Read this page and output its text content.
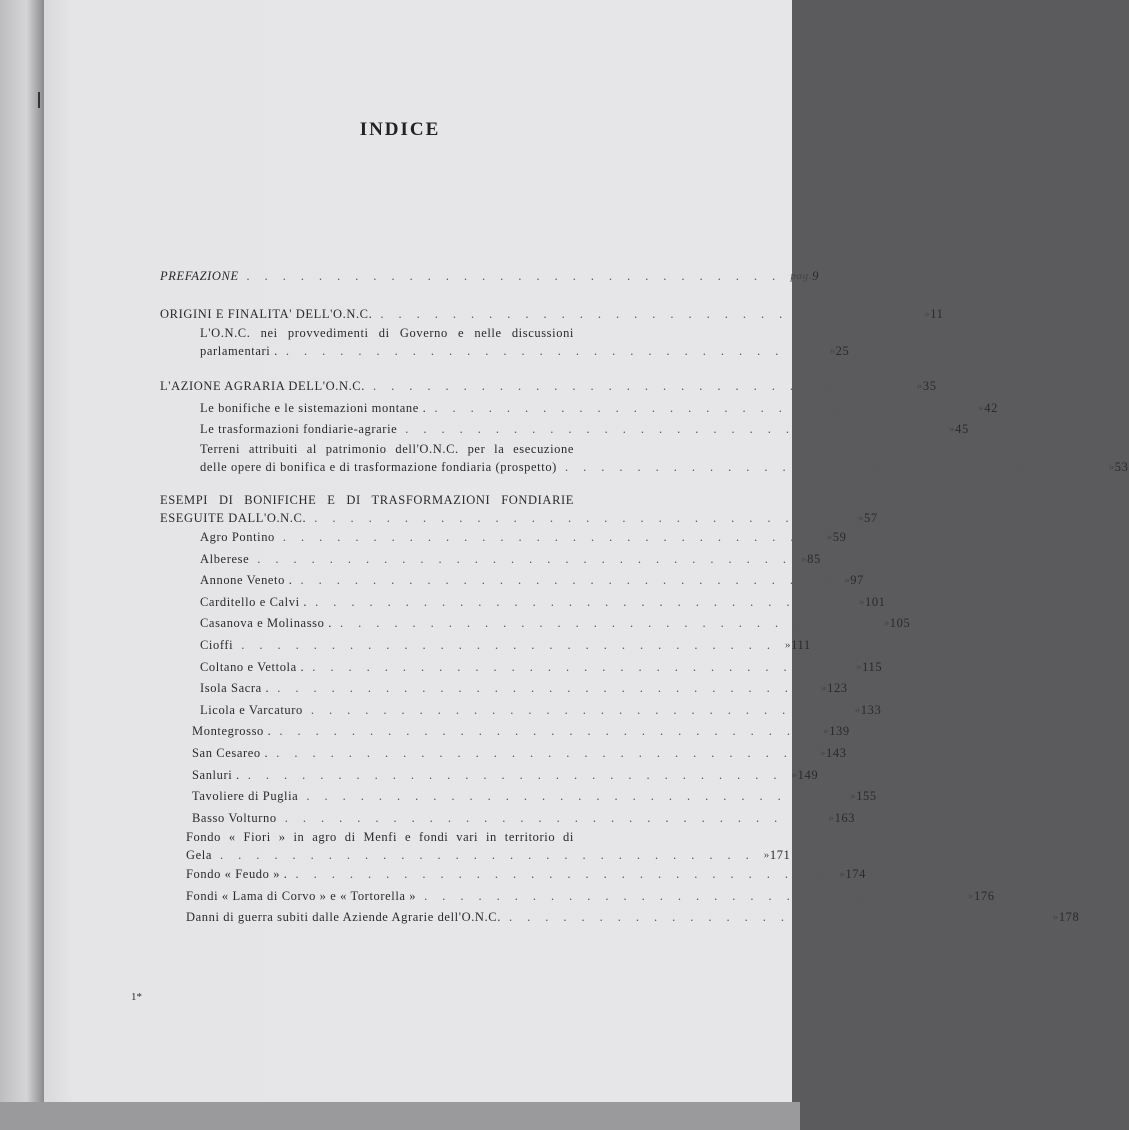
INDICE
PREFAZIONE .............................. pag. 9
ORIGINI E FINALITA' DELL'O.N.C. .............................. » 11
L'O.N.C. nei provvedimenti di Governo e nelle discussioni
parlamentari . .............................. » 25
L'AZIONE AGRARIA DELL'O.N.C. .............................. » 35
Le bonifiche e le sistemazioni montane . .............................. » 42
Le trasformazioni fondiarie-agrarie .............................. » 45
Terreni attribuiti al patrimonio dell'O.N.C. per la esecuzione
delle opere di bonifica e di trasformazione fondiaria (prospetto) .............................. » 53
ESEMPI DI BONIFICHE E DI TRASFORMAZIONI FONDIARIE
ESEGUITE DALL'O.N.C. .............................. » 57
Agro Pontino .............................. » 59
Alberese .............................. » 85
Annone Veneto . .............................. » 97
Carditello e Calvi . .............................. » 101
Casanova e Molinasso . .............................. » 105
Cioffi .............................. » 111
Coltano e Vettola . .............................. » 115
Isola Sacra . .............................. » 123
Licola e Varcaturo .............................. » 133
Montegrosso . .............................. » 139
San Cesareo . .............................. » 143
Sanluri . .............................. » 149
Tavoliere di Puglia .............................. » 155
Basso Volturno .............................. » 163
Fondo « Fiori » in agro di Menfi e fondi vari in territorio di
Gela .............................. » 171
Fondo « Feudo » . .............................. » 174
Fondi « Lama di Corvo » e « Tortorella » .............................. » 176
Danni di guerra subiti dalle Aziende Agrarie dell'O.N.C. .............................. » 178
1*
